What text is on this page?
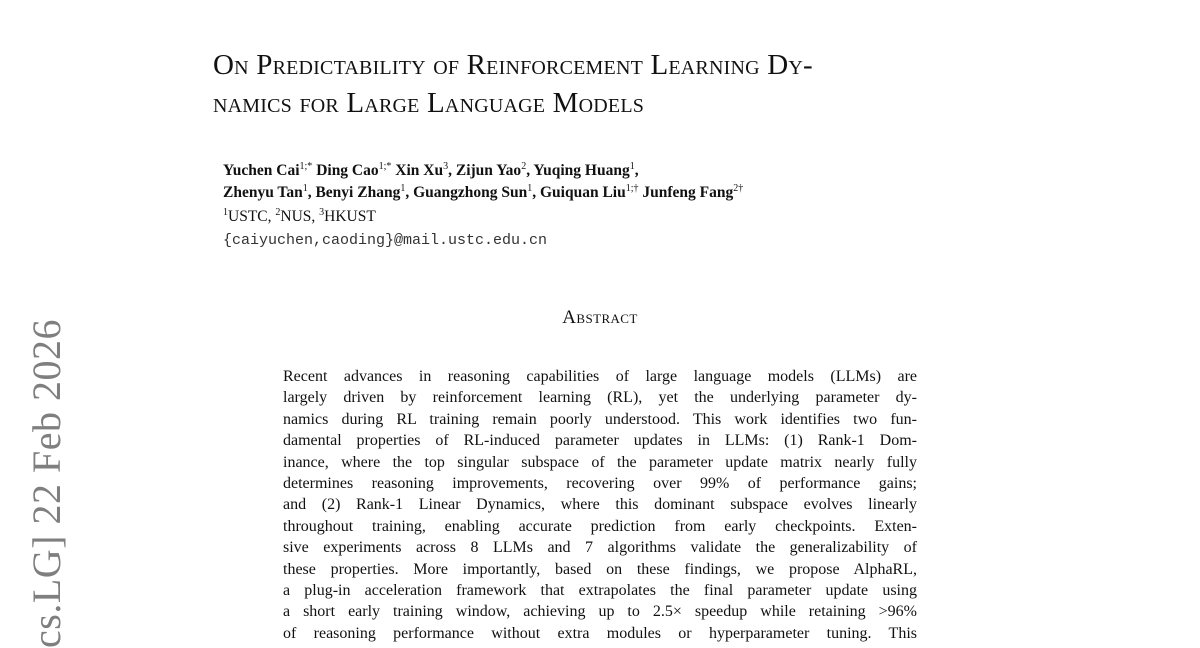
cs.LG] 22 Feb 2026
On Predictability of Reinforcement Learning Dy-
namics for Large Language Models
Yuchen Cai$^{1;*}$ Ding Cao$^{1;*}$ Xin Xu$^3$, Zijun Yao$^2$, Yuqing Huang$^1$,
Zhenyu Tan$^1$, Benyi Zhang$^1$, Guangzhong Sun$^1$, Guiquan Liu$^{1;\dagger}$ Junfeng Fang$^{2\dagger}$
$^1$USTC, $^2$NUS, $^3$HKUST
{caiyuchen,caoding}@mail.ustc.edu.cn
Abstract
Recent advances in reasoning capabilities of large language models (LLMs) are
largely driven by reinforcement learning (RL), yet the underlying parameter dy-
namics during RL training remain poorly understood. This work identifies two fun-
damental properties of RL-induced parameter updates in LLMs: (1) Rank-1 Dom-
inance, where the top singular subspace of the parameter update matrix nearly fully
determines reasoning improvements, recovering over 99% of performance gains;
and (2) Rank-1 Linear Dynamics, where this dominant subspace evolves linearly
throughout training, enabling accurate prediction from early checkpoints. Exten-
sive experiments across 8 LLMs and 7 algorithms validate the generalizability of
these properties. More importantly, based on these findings, we propose AlphaRL,
a plug-in acceleration framework that extrapolates the final parameter update using
a short early training window, achieving up to 2.5× speedup while retaining >96%
of reasoning performance without extra modules or hyperparameter tuning. This
